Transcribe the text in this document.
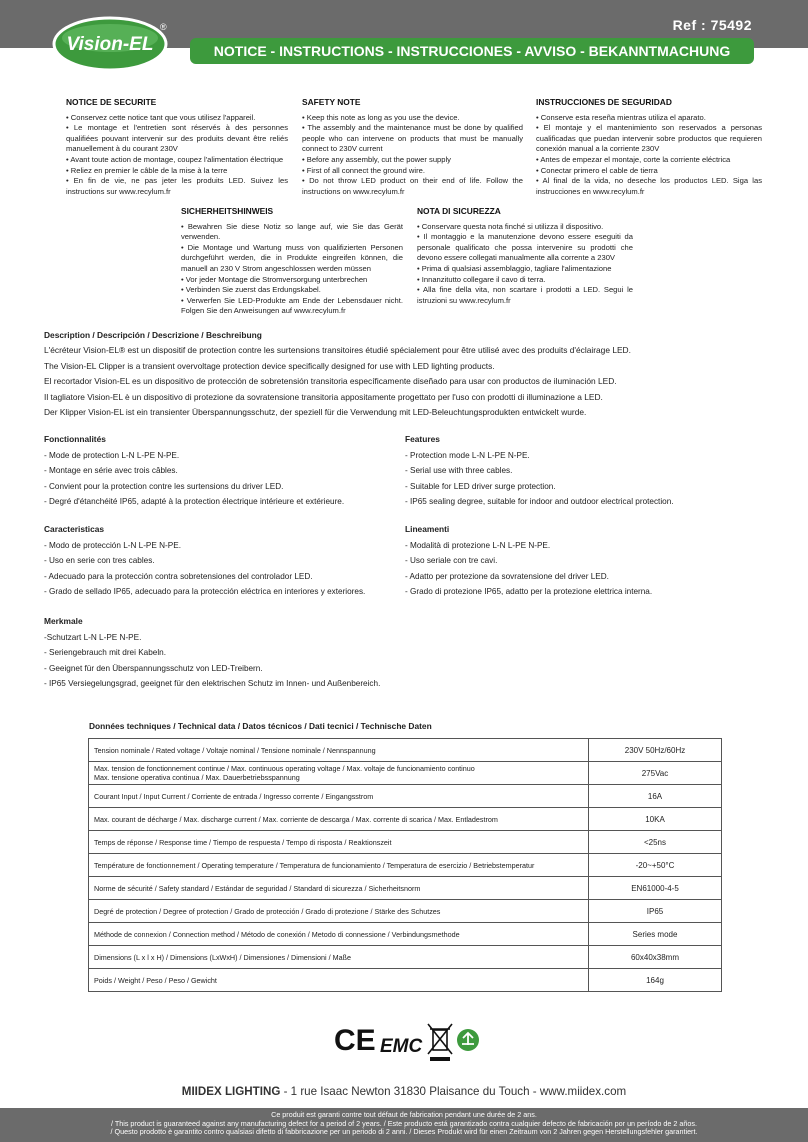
Ref : 75492
Vision-EL
®
NOTICE - INSTRUCTIONS - INSTRUCCIONES - AVVISO - BEKANNTMACHUNG
NOTICE DE SECURITE

• Conservez cette notice tant que vous utilisez l'appareil.
• Le montage et l'entretien sont réservés à des personnes qualifiées pouvant intervenir sur des produits devant être reliés manuellement à du courant 230V
• Avant toute action de montage, coupez l'alimentation électrique
• Reliez en premier le câble de la mise à la terre
• En fin de vie, ne pas jeter les produits LED. Suivez les instructions sur www.recylum.fr

SAFETY NOTE

• Keep this note as long as you use the device.
• The assembly and the maintenance must be done by qualified people who can intervene on products that must be manually connect to 230V current
• Before any assembly, cut the power supply
• First of all connect the ground wire.
• Do not throw LED product on their end of life. Follow the instructions on www.recylum.fr

INSTRUCCIONES DE SEGURIDAD

• Conserve esta reseña mientras utiliza el aparato.
• El montaje y el mantenimiento son reservados a personas cualificadas que puedan intervenir sobre productos que requieren conexión manual a la corriente 230V
• Antes de empezar el montaje, corte la corriente eléctrica
• Conectar primero el cable de tierra
• Al final de la vida, no deseche los productos LED. Siga las instrucciones en www.recylum.fr

SICHERHEITSHINWEIS

• Bewahren Sie diese Notiz so lange auf, wie Sie das Gerät verwenden.
• Die Montage und Wartung muss von qualifizierten Personen durchgeführt werden, die in Produkte eingreifen können, die manuell an 230 V Strom angeschlossen werden müssen
• Vor jeder Montage die Stromversorgung unterbrechen
• Verbinden Sie zuerst das Erdungskabel.
• Verwerfen Sie LED-Produkte am Ende der Lebensdauer nicht. Folgen Sie den Anweisungen auf www.recylum.fr

NOTA DI SICUREZZA

• Conservare questa nota finché si utilizza il dispositivo.
• Il montaggio e la manutenzione devono essere eseguiti da personale qualificato che possa intervenire su prodotti che devono essere collegati manualmente alla corrente a 230V
• Prima di qualsiasi assemblaggio, tagliare l'alimentazione
• Innanzitutto collegare il cavo di terra.
• Alla fine della vita, non scartare i prodotti a LED. Segui le istruzioni su www.recylum.fr

Description / Descripción / Descrizione / Beschreibung

L'écréteur Vision-EL® est un dispositif de protection contre les surtensions transitoires étudié spécialement pour être utilisé avec des produits d'éclairage LED.

The Vision-EL Clipper is a transient overvoltage protection device specifically designed for use with LED lighting products.

El recortador Vision-EL es un dispositivo de protección de sobretensión transitoria específicamente diseñado para usar con productos de iluminación LED.

Il tagliatore Vision-EL è un dispositivo di protezione da sovratensione transitoria appositamente progettato per l'uso con prodotti di illuminazione a LED.

Der Klipper Vision-EL ist ein transienter Überspannungsschutz, der speziell für die Verwendung mit LED-Beleuchtungsprodukten entwickelt wurde.

Fonctionnalités

- Mode de protection L-N L-PE N-PE.

- Montage en série avec trois câbles.

- Convient pour la protection contre les surtensions du driver LED.

- Degré d'étanchéité IP65, adapté à la protection électrique intérieure et extérieure.

Features

- Protection mode L-N L-PE N-PE.

- Serial use with three cables.

- Suitable for LED driver surge protection.

- IP65 sealing degree, suitable for indoor and outdoor electrical protection.

Caracteristicas

- Modo de protección L-N L-PE N-PE.

- Uso en serie con tres cables.

- Adecuado para la protección contra sobretensiones del controlador LED.

- Grado de sellado IP65, adecuado para la protección eléctrica en interiores y exteriores.

Lineamenti

- Modalità di protezione L-N L-PE N-PE.

- Uso seriale con tre cavi.

- Adatto per protezione da sovratensione del driver LED.

- Grado di protezione IP65, adatto per la protezione elettrica interna.

Merkmale

-Schutzart L-N L-PE N-PE.

- Seriengebrauch mit drei Kabeln.

- Geeignet für den Überspannungsschutz von LED-Treibern.

- IP65 Versiegelungsgrad, geeignet für den elektrischen Schutz im Innen- und Außenbereich.

Données techniques / Technical data / Datos técnicos / Dati tecnici / Technische Daten
Tension nominale / Rated voltage / Voltaje nominal / Tensione nominale / Nennspannung	230V 50Hz/60Hz
Max. tension de fonctionnement continue / Max. continuous operating voltage / Max. voltaje de funcionamiento continuo
Max. tensione operativa continua / Max. Dauerbetriebsspannung	275Vac
Courant Input / Input Current / Corriente de entrada / Ingresso corrente / Eingangsstrom	16A
Max. courant de décharge / Max. discharge current / Max. corriente de descarga / Max. corrente di scarica / Max. Entladestrom	10KA
Temps de réponse / Response time / Tiempo de respuesta / Tempo di risposta / Reaktionszeit	<25ns
Température de fonctionnement / Operating temperature / Temperatura de funcionamiento / Temperatura de esercizio / Betriebstemperatur	-20~+50°C
Norme de sécurité / Safety standard / Estándar de seguridad / Standard di sicurezza / Sicherheitsnorm	EN61000-4-5
Degré de protection / Degree of protection / Grado de protección / Grado di protezione / Stärke des Schutzes	IP65
Méthode de connexion / Connection method / Método de conexión / Metodo di connessione / Verbindungsmethode	Series mode
Dimensions (L x l x H) / Dimensions (LxWxH) / Dimensiones / Dimensioni / Maße	60x40x38mm
Poids / Weight / Peso / Peso / Gewicht	164g
CE EMC
MIIDEX LIGHTING - 1 rue Isaac Newton 31830 Plaisance du Touch - www.miidex.com
Ce produit est garanti contre tout défaut de fabrication pendant une durée de 2 ans.
/ This product is guaranteed against any manufacturing defect for a period of 2 years. / Este producto está garantizado contra cualquier defecto de fabricación por un período de 2 años.
/ Questo prodotto è garantito contro qualsiasi difetto di fabbricazione per un periodo di 2 anni. / Dieses Produkt wird für einen Zeitraum von 2 Jahren gegen Herstellungsfehler garantiert.
